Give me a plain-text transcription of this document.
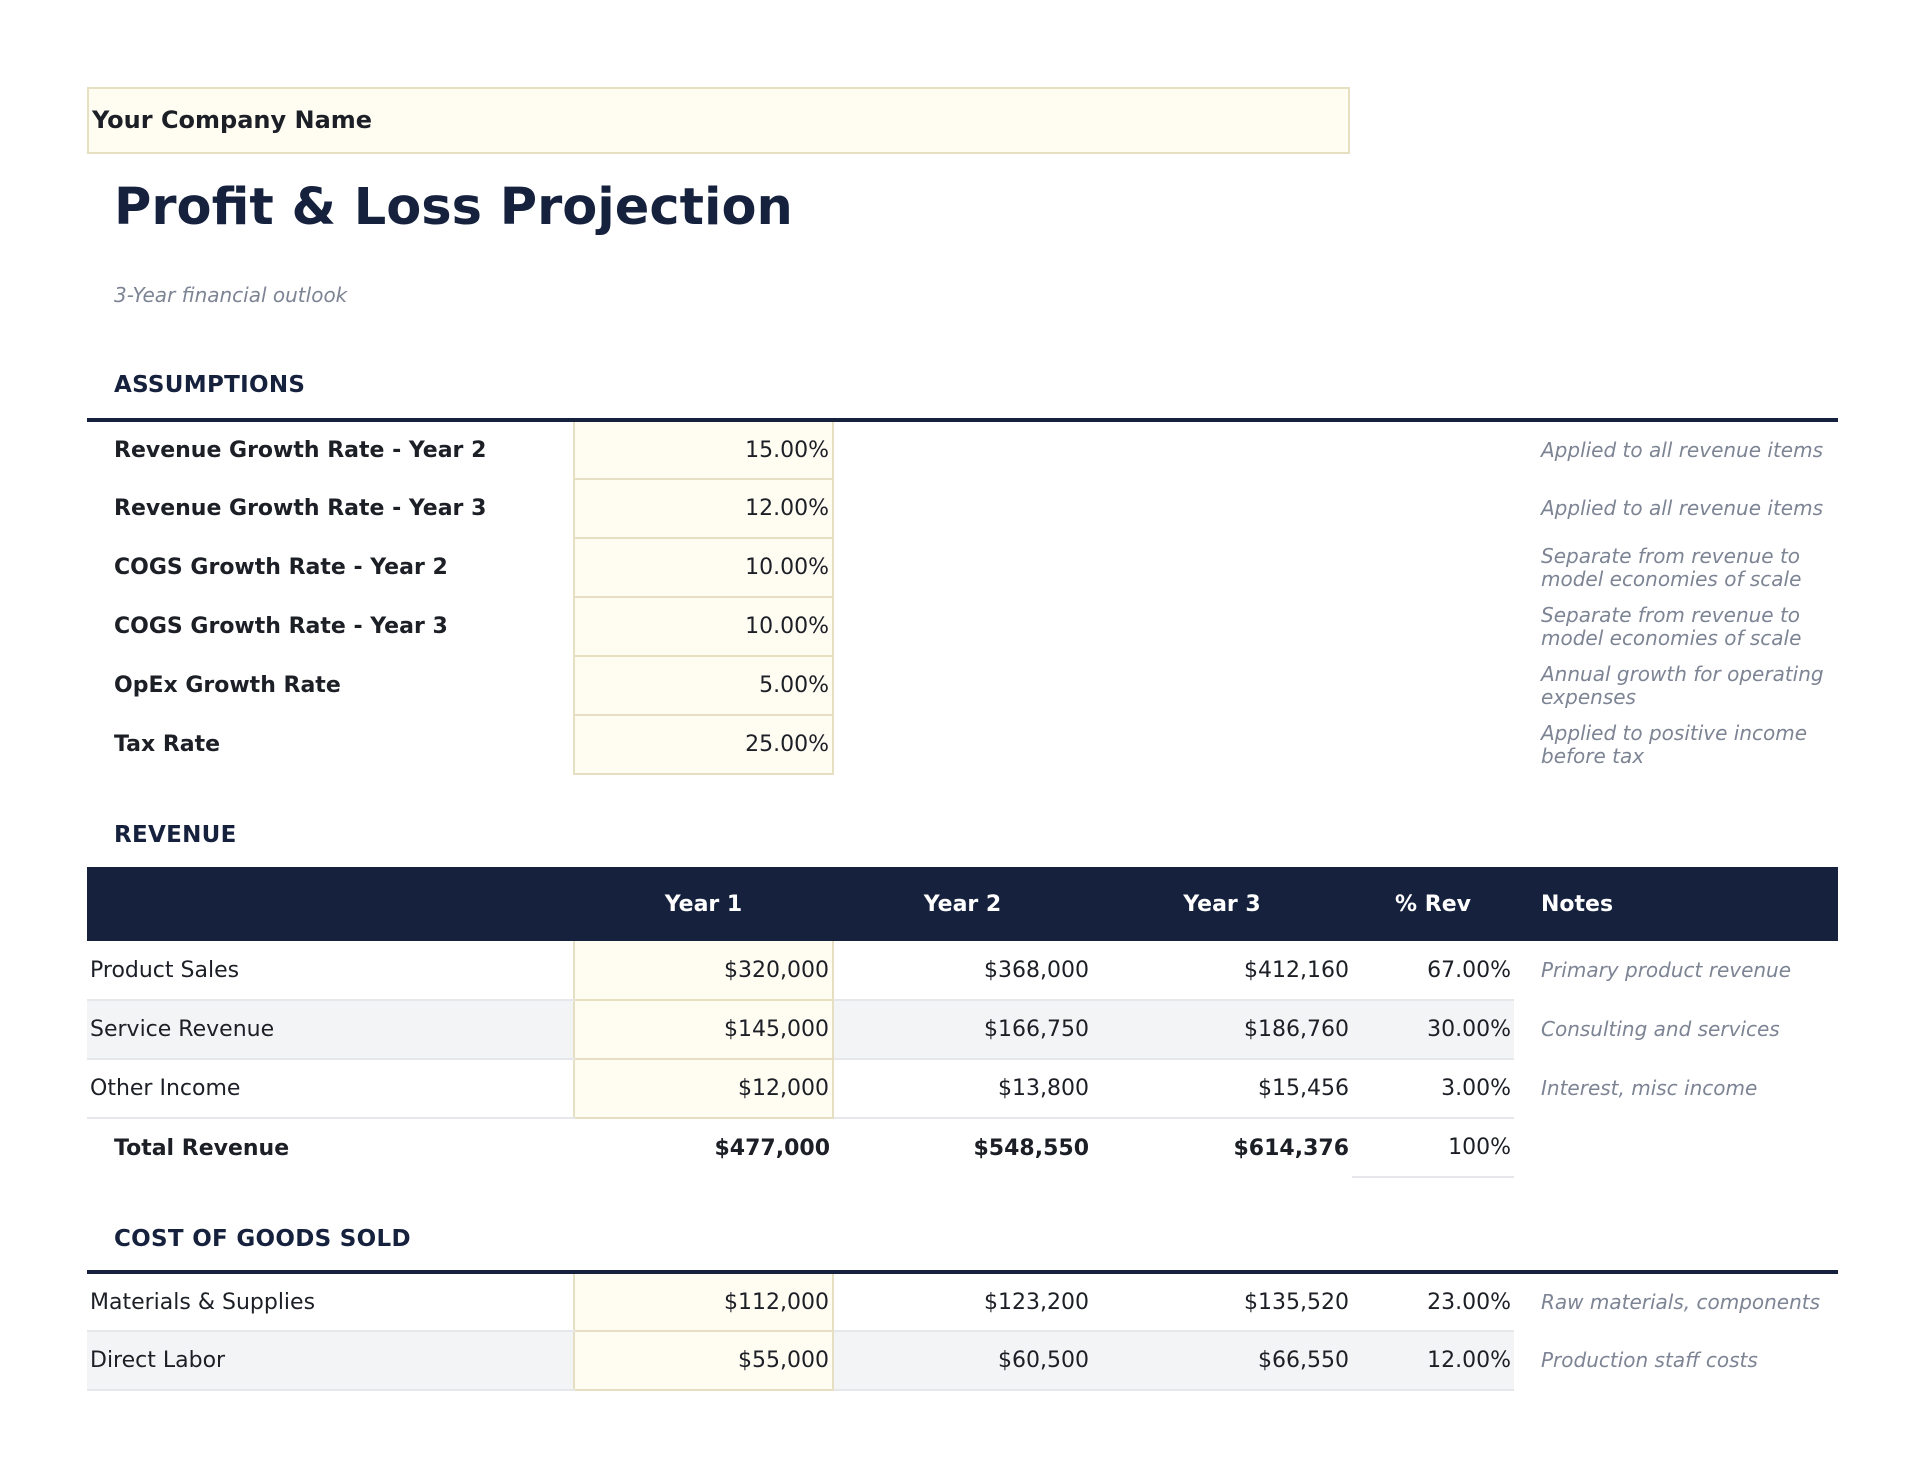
Your Company Name
Profit & Loss Projection
3-Year financial outlook
ASSUMPTIONS
Revenue Growth Rate - Year 2	15.00%		Applied to all revenue items
Revenue Growth Rate - Year 3	12.00%		Applied to all revenue items
COGS Growth Rate - Year 2	10.00%		Separate from revenue to model economies of scale
COGS Growth Rate - Year 3	10.00%		Separate from revenue to model economies of scale
OpEx Growth Rate	5.00%		Annual growth for operating expenses
Tax Rate	25.00%		Applied to positive income before tax
REVENUE
	Year 1	Year 2	Year 3	% Rev	Notes
Product Sales	$320,000	$368,000	$412,160	67.00%	Primary product revenue
Service Revenue	$145,000	$166,750	$186,760	30.00%	Consulting and services
Other Income	$12,000	$13,800	$15,456	3.00%	Interest, misc income
Total Revenue	$477,000	$548,550	$614,376	100%	
COST OF GOODS SOLD
Materials & Supplies	$112,000	$123,200	$135,520	23.00%	Raw materials, components
Direct Labor	$55,000	$60,500	$66,550	12.00%	Production staff costs
